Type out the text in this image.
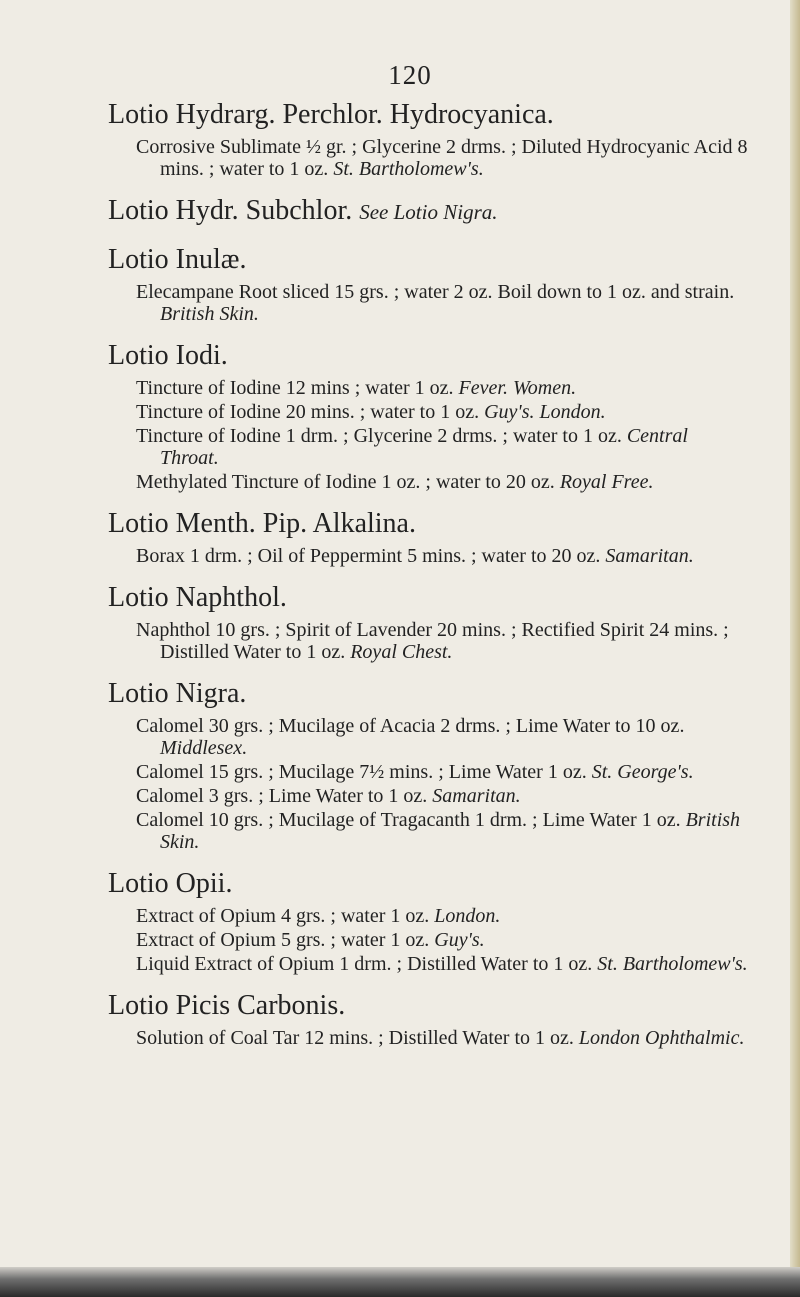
120
Lotio Hydrarg. Perchlor. Hydrocyanica.

Corrosive Sublimate ½ gr. ; Glycerine 2 drms. ; Diluted Hydrocyanic Acid 8 mins. ; water to 1 oz. St. Bartholomew's.

Lotio Hydr. Subchlor. See Lotio Nigra.
Lotio Inulæ.

Elecampane Root sliced 15 grs. ; water 2 oz. Boil down to 1 oz. and strain. British Skin.

Lotio Iodi.

Tincture of Iodine 12 mins ; water 1 oz. Fever. Women.

Tincture of Iodine 20 mins. ; water to 1 oz. Guy's. London.

Tincture of Iodine 1 drm. ; Glycerine 2 drms. ; water to 1 oz. Central Throat.

Methylated Tincture of Iodine 1 oz. ; water to 20 oz. Royal Free.

Lotio Menth. Pip. Alkalina.

Borax 1 drm. ; Oil of Peppermint 5 mins. ; water to 20 oz. Samaritan.

Lotio Naphthol.

Naphthol 10 grs. ; Spirit of Lavender 20 mins. ; Rectified Spirit 24 mins. ; Distilled Water to 1 oz. Royal Chest.

Lotio Nigra.

Calomel 30 grs. ; Mucilage of Acacia 2 drms. ; Lime Water to 10 oz. Middlesex.

Calomel 15 grs. ; Mucilage 7½ mins. ; Lime Water 1 oz. St. George's.

Calomel 3 grs. ; Lime Water to 1 oz. Samaritan.

Calomel 10 grs. ; Mucilage of Tragacanth 1 drm. ; Lime Water 1 oz. British Skin.

Lotio Opii.

Extract of Opium 4 grs. ; water 1 oz. London.

Extract of Opium 5 grs. ; water 1 oz. Guy's.

Liquid Extract of Opium 1 drm. ; Distilled Water to 1 oz. St. Bartholomew's.

Lotio Picis Carbonis.

Solution of Coal Tar 12 mins. ; Distilled Water to 1 oz. London Ophthalmic.
